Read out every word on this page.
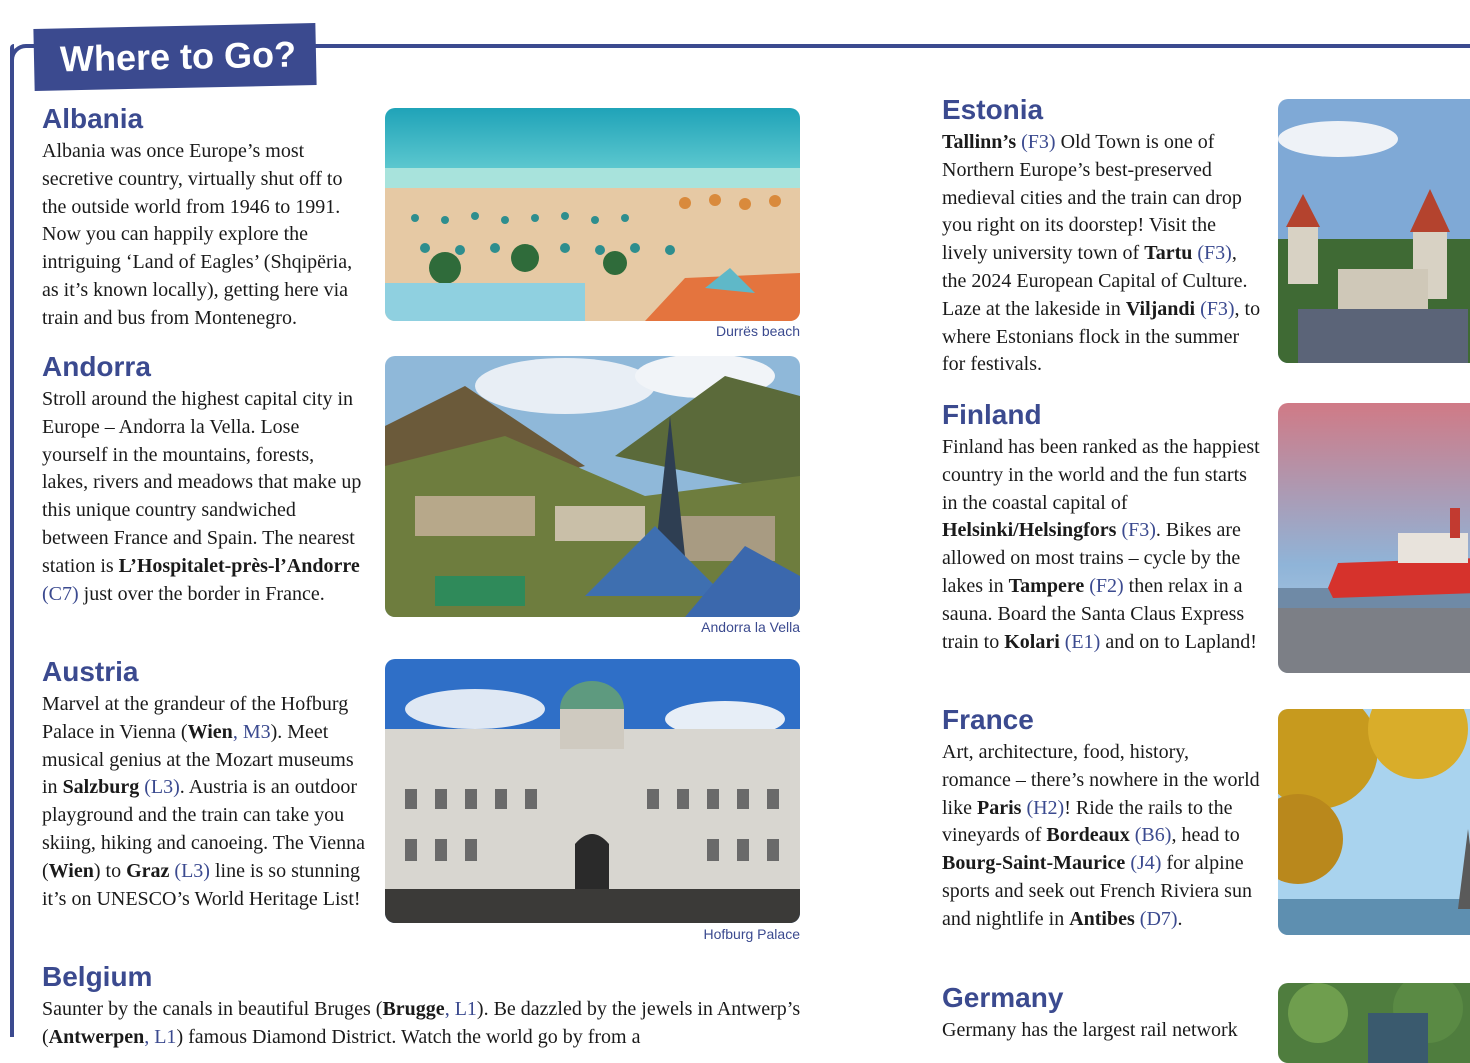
Where to Go?
Albania

Albania was once Europe’s most secretive country, virtually shut off to the outside world from 1946 to 1991. Now you can happily explore the intriguing ‘Land of Eagles’ (Shqipëria, as it’s known locally), getting here via train and bus from Montenegro.

Durrës beach
Andorra

Stroll around the highest capital city in Europe – Andorra la Vella. Lose yourself in the mountains, forests, lakes, rivers and meadows that make up this unique country sandwiched between France and Spain. The nearest station is L’Hospitalet-près-l’Andorre (C7) just over the border in France.

Andorra la Vella
Austria

Marvel at the grandeur of the Hofburg Palace in Vienna (Wien, M3). Meet musical genius at the Mozart museums in Salzburg (L3). Austria is an outdoor playground and the train can take you skiing, hiking and canoeing. The Vienna (Wien) to Graz (L3) line is so stunning it’s on UNESCO’s World Heritage List!

Hofburg Palace
Belgium

Saunter by the canals in beautiful Bruges (Brugge, L1). Be dazzled by the jewels in Antwerp’s (Antwerpen, L1) famous Diamond District. Watch the world go by from a

Estonia

Tallinn’s (F3) Old Town is one of Northern Europe’s best-preserved medieval cities and the train can drop you right on its doorstep! Visit the lively university town of Tartu (F3), the 2024 European Capital of Culture. Laze at the lakeside in Viljandi (F3), to where Estonians flock in the summer for festivals.

Finland

Finland has been ranked as the happiest country in the world and the fun starts in the coastal capital of Helsinki/Helsingfors (F3). Bikes are allowed on most trains – cycle by the lakes in Tampere (F2) then relax in a sauna. Board the Santa Claus Express train to Kolari (E1) and on to Lapland!

France

Art, architecture, food, history, romance – there’s nowhere in the world like Paris (H2)! Ride the rails to the vineyards of Bordeaux (B6), head to Bourg-Saint-Maurice (J4) for alpine sports and seek out French Riviera sun and nightlife in Antibes (D7).

Germany

Germany has the largest rail network
